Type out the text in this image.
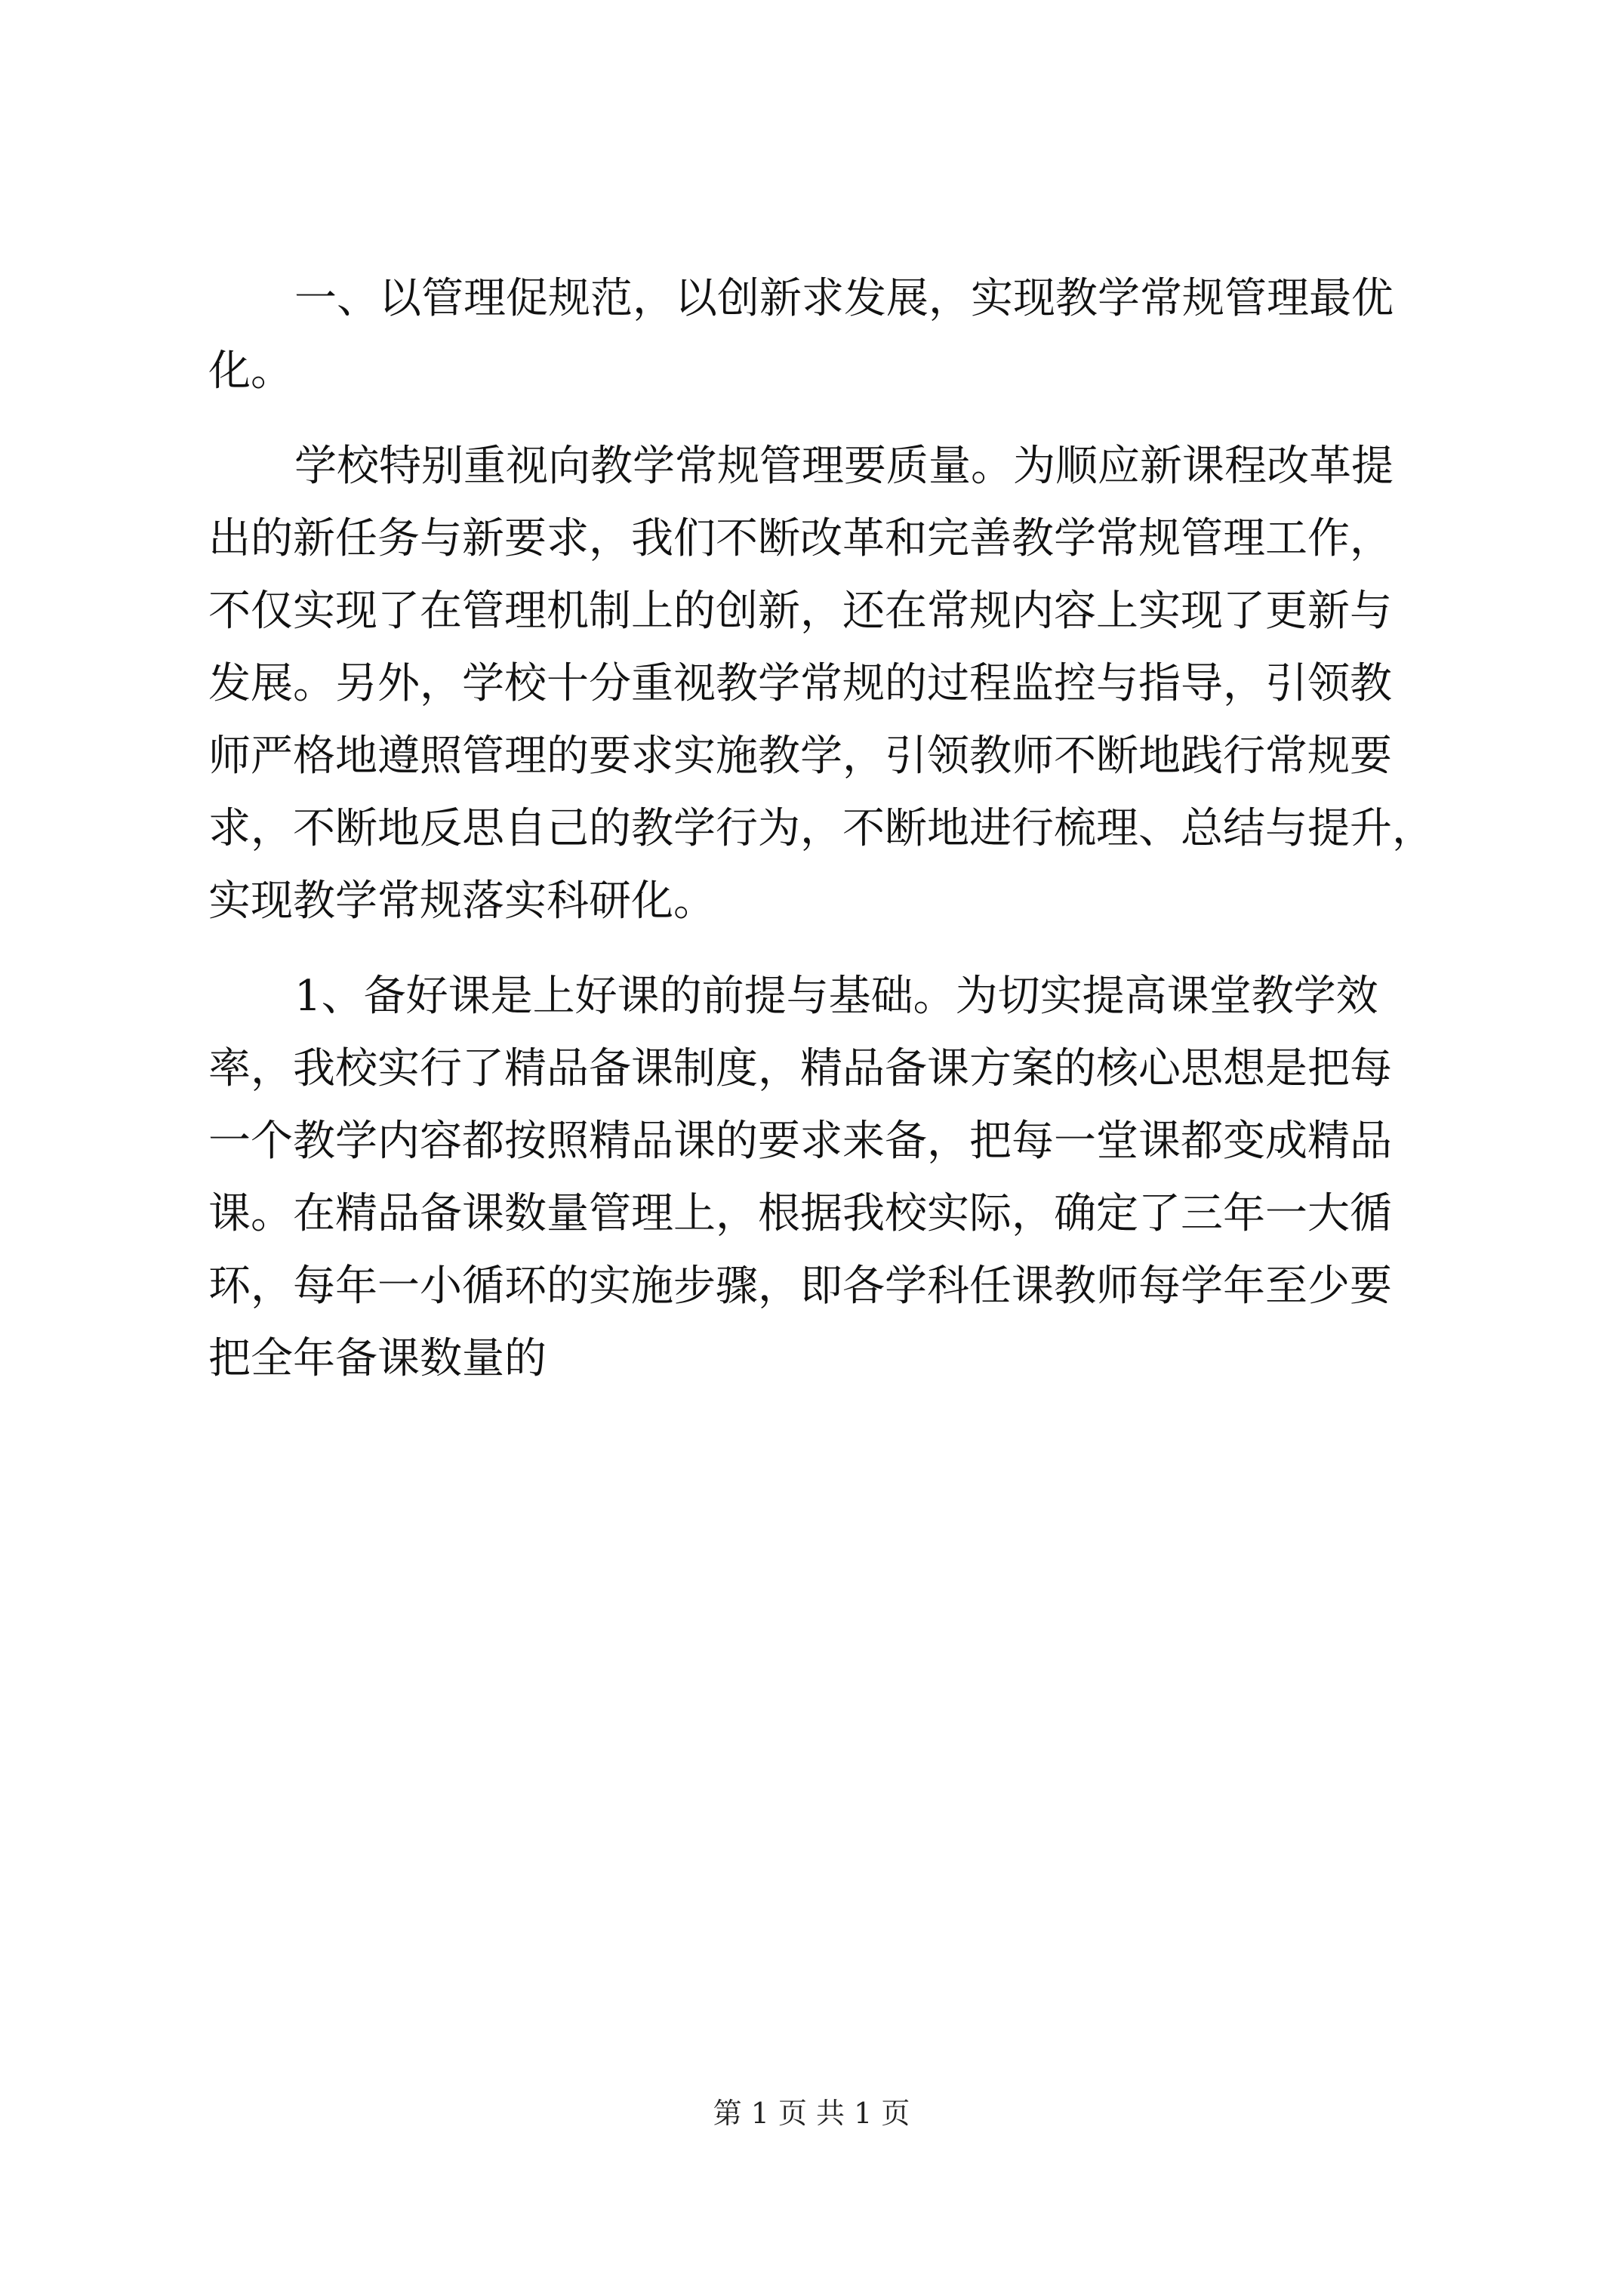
一、以管理促规范，以创新求发展，实现教学常规管理最优
化。
学校特别重视向教学常规管理要质量。为顺应新课程改革提
出的新任务与新要求，我们不断改革和完善教学常规管理工作，
不仅实现了在管理机制上的创新，还在常规内容上实现了更新与
发展。另外，学校十分重视教学常规的过程监控与指导，引领教
师严格地遵照管理的要求实施教学，引领教师不断地践行常规要
求，不断地反思自己的教学行为，不断地进行梳理、总结与提升，
实现教学常规落实科研化。
1、备好课是上好课的前提与基础。为切实提高课堂教学效
率，我校实行了精品备课制度，精品备课方案的核心思想是把每
一个教学内容都按照精品课的要求来备，把每一堂课都变成精品
课。在精品备课数量管理上，根据我校实际，确定了三年一大循
环，每年一小循环的实施步骤，即各学科任课教师每学年至少要
把全年备课数量的
第 1 页 共 1 页
